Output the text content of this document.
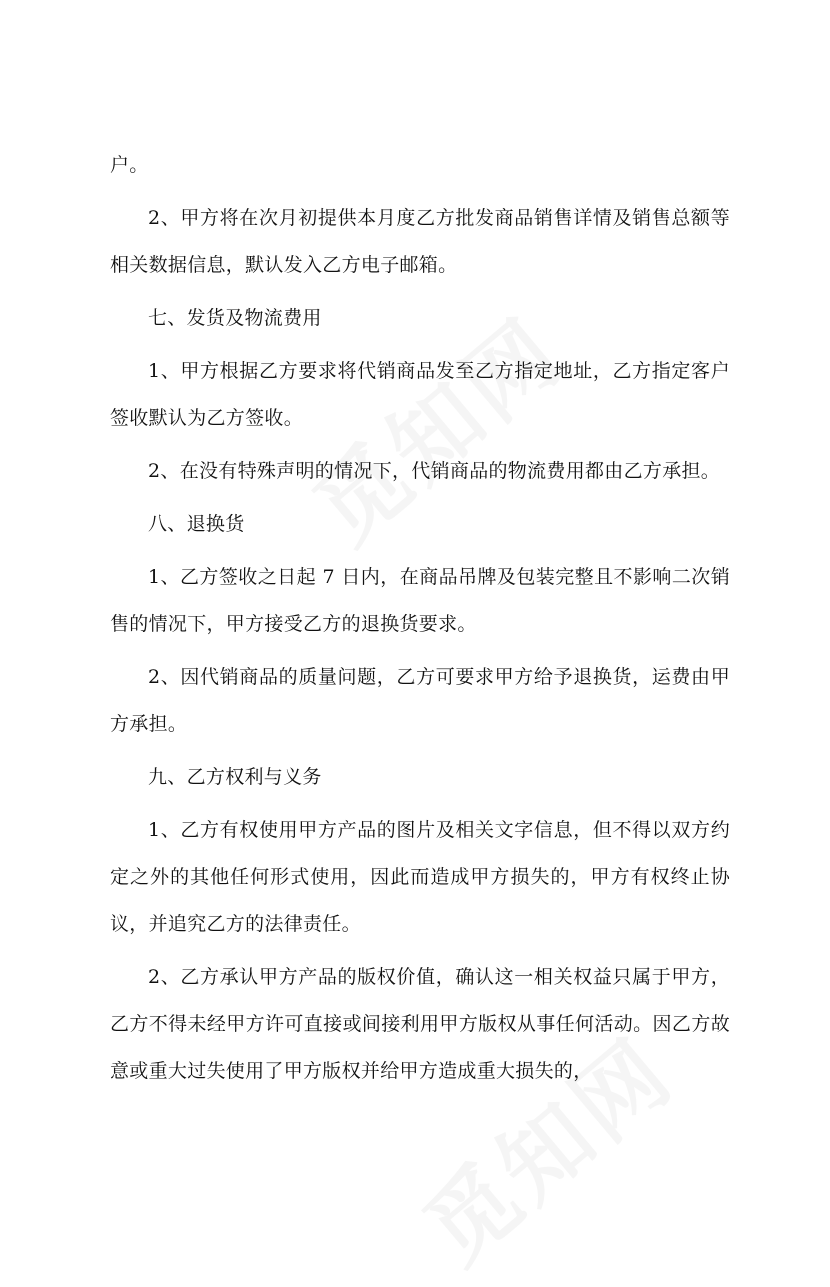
户。

2、甲方将在次月初提供本月度乙方批发商品销售详情及销售总额等相关数据信息，默认发入乙方电子邮箱。

七、发货及物流费用

1、甲方根据乙方要求将代销商品发至乙方指定地址，乙方指定客户签收默认为乙方签收。

2、在没有特殊声明的情况下，代销商品的物流费用都由乙方承担。

八、退换货

1、乙方签收之日起 7 日内，在商品吊牌及包装完整且不影响二次销售的情况下，甲方接受乙方的退换货要求。

2、因代销商品的质量问题，乙方可要求甲方给予退换货，运费由甲方承担。

九、乙方权利与义务

1、乙方有权使用甲方产品的图片及相关文字信息，但不得以双方约定之外的其他任何形式使用，因此而造成甲方损失的，甲方有权终止协议，并追究乙方的法律责任。

2、乙方承认甲方产品的版权价值，确认这一相关权益只属于甲方，乙方不得未经甲方许可直接或间接利用甲方版权从事任何活动。因乙方故意或重大过失使用了甲方版权并给甲方造成重大损失的，
